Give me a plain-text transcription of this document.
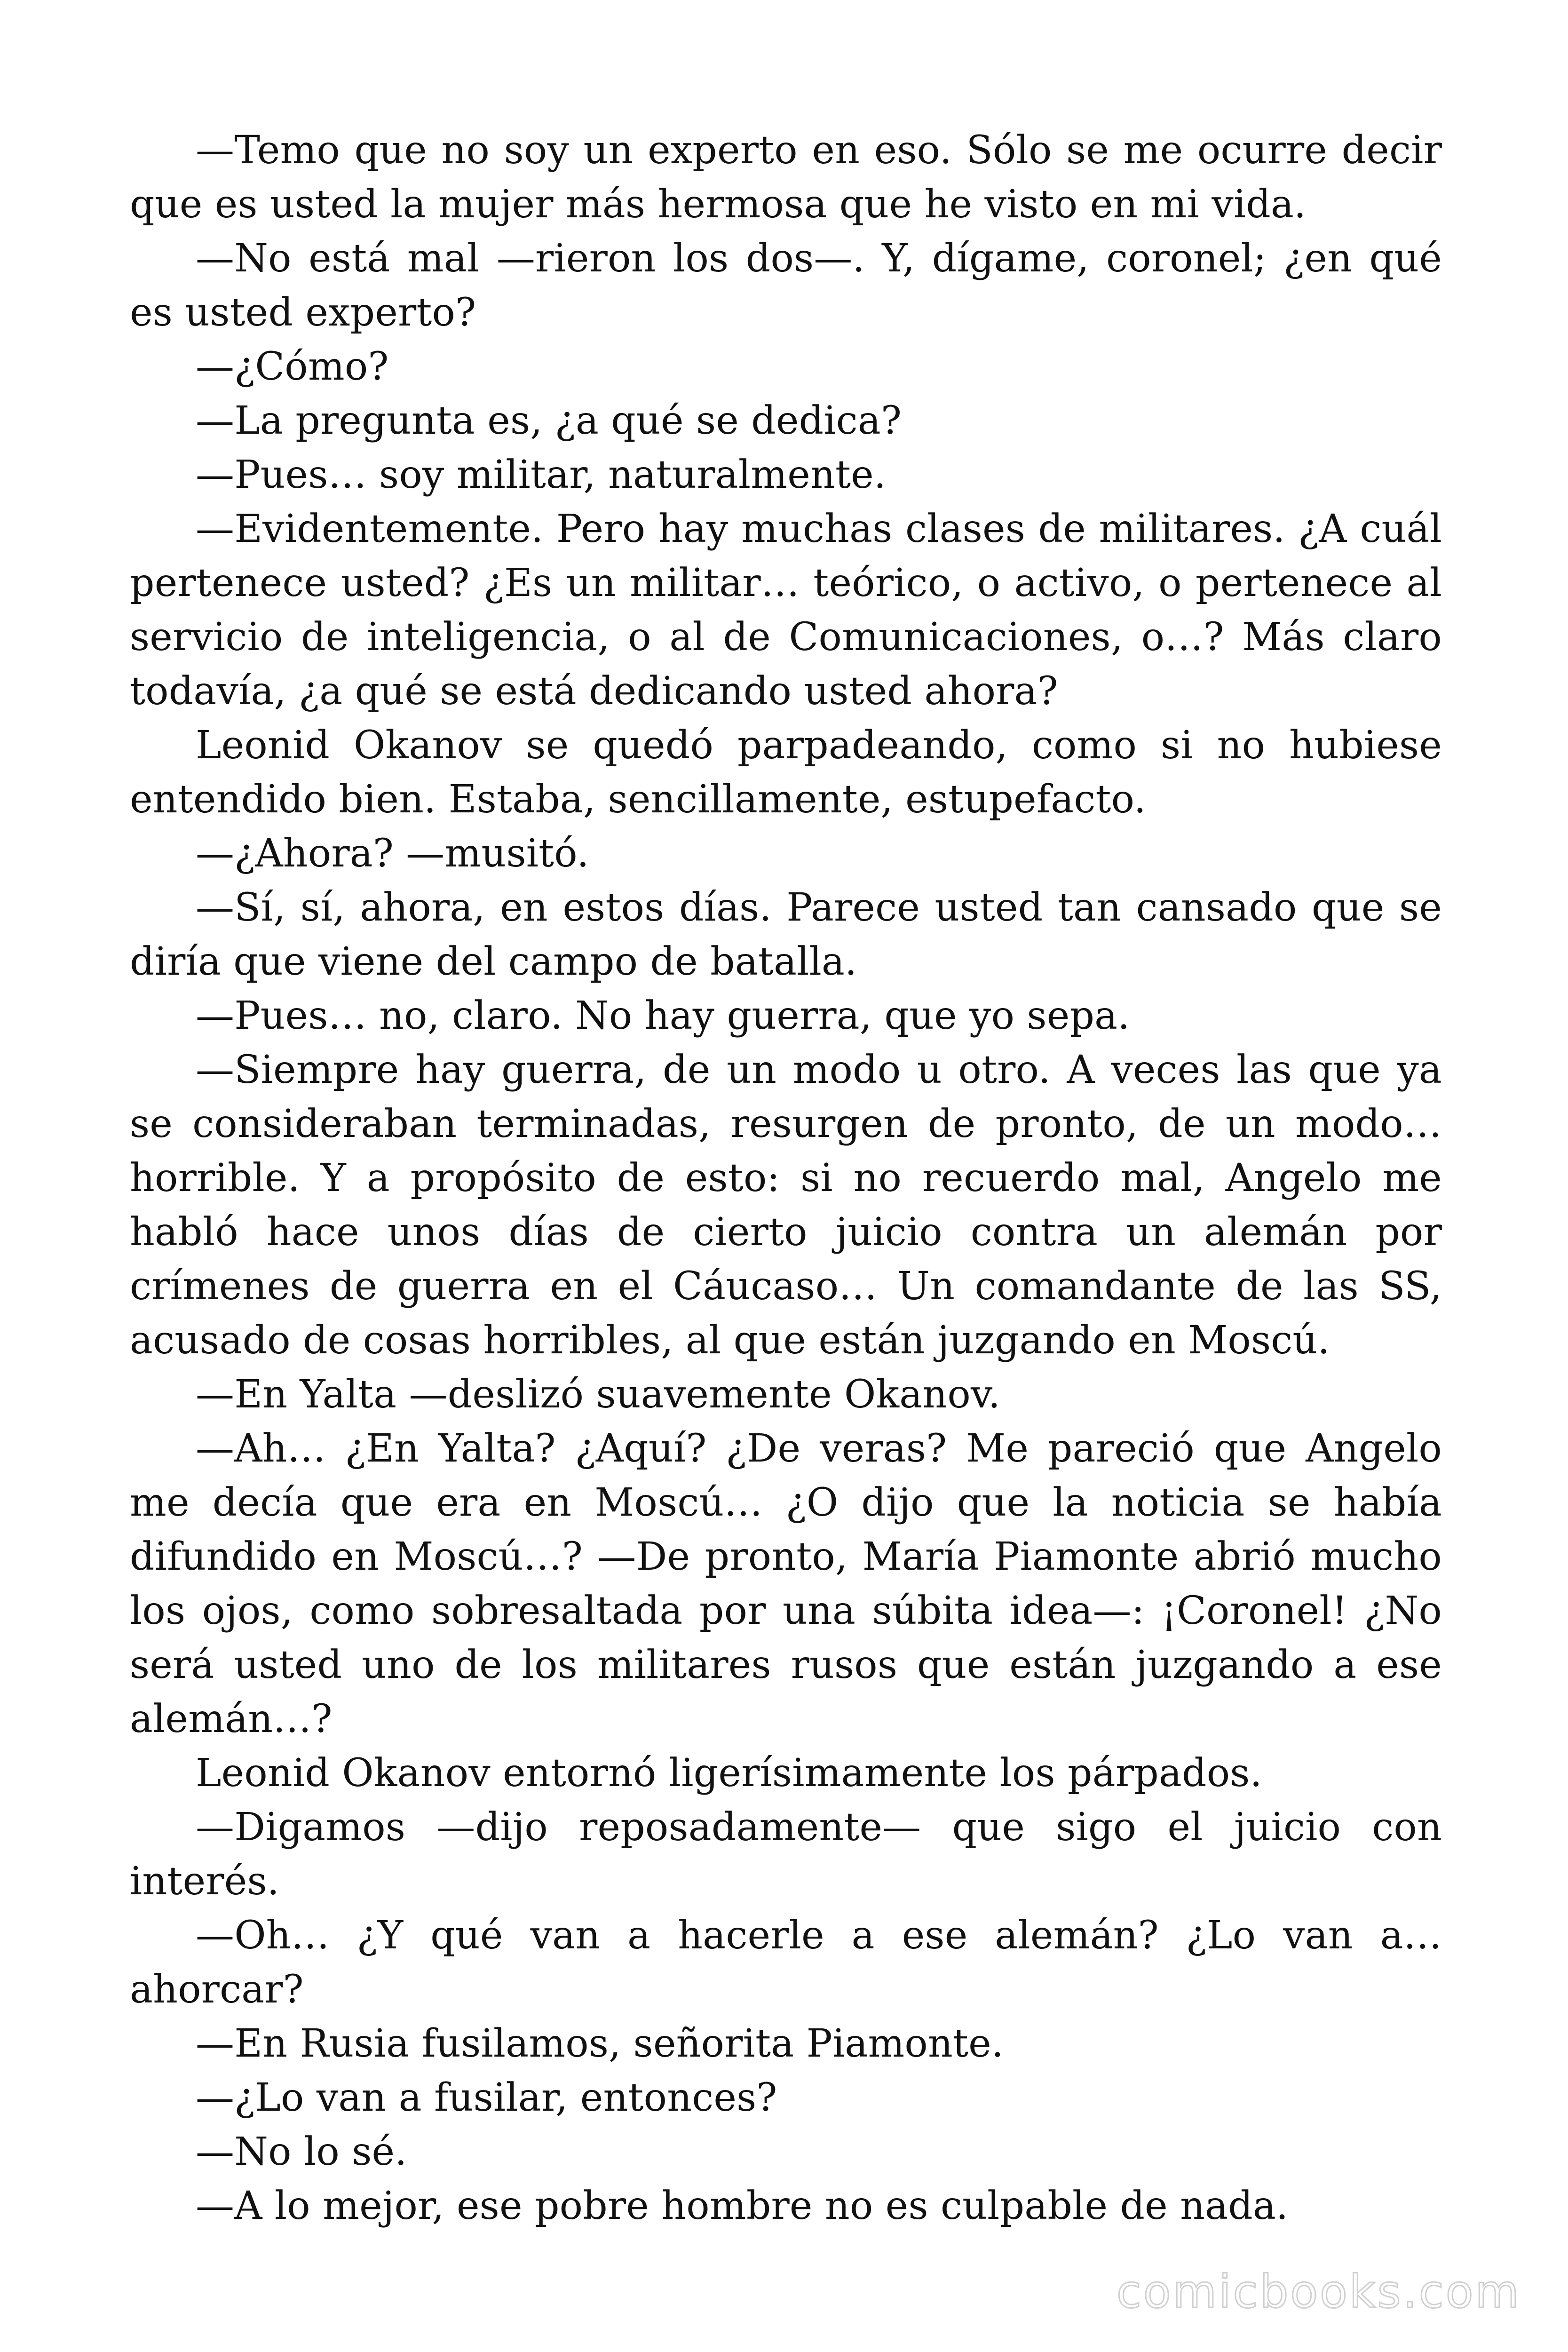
—Temo que no soy un experto en eso. Sólo se me ocurre decir que es usted la mujer más hermosa que he visto en mi vida.

—No está mal —rieron los dos—. Y, dígame, coronel; ¿en qué es usted experto?

—¿Cómo?

—La pregunta es, ¿a qué se dedica?

—Pues… soy militar, naturalmente.

—Evidentemente. Pero hay muchas clases de militares. ¿A cuál pertenece usted? ¿Es un militar… teórico, o activo, o pertenece al servicio de inteligencia, o al de Comunicaciones, o…? Más claro todavía, ¿a qué se está dedicando usted ahora?

Leonid Okanov se quedó parpadeando, como si no hubiese entendido bien. Estaba, sencillamente, estupefacto.

—¿Ahora? —musitó.

—Sí, sí, ahora, en estos días. Parece usted tan cansado que se diría que viene del campo de batalla.

—Pues… no, claro. No hay guerra, que yo sepa.

—Siempre hay guerra, de un modo u otro. A veces las que ya se consideraban terminadas, resurgen de pronto, de un modo… horrible. Y a propósito de esto: si no recuerdo mal, Angelo me habló hace unos días de cierto juicio contra un alemán por crímenes de guerra en el Cáucaso… Un comandante de las SS, acusado de cosas horribles, al que están juzgando en Moscú.

—En Yalta —deslizó suavemente Okanov.

—Ah… ¿En Yalta? ¿Aquí? ¿De veras? Me pareció que Angelo me decía que era en Moscú… ¿O dijo que la noticia se había difundido en Moscú…? —De pronto, María Piamonte abrió mucho los ojos, como sobresaltada por una súbita idea—: ¡Coronel! ¿No será usted uno de los militares rusos que están juzgando a ese alemán…?

Leonid Okanov entornó ligerísimamente los párpados.

—Digamos —dijo reposadamente— que sigo el juicio con interés.

—Oh… ¿Y qué van a hacerle a ese alemán? ¿Lo van a… ahorcar?

—En Rusia fusilamos, señorita Piamonte.

—¿Lo van a fusilar, entonces?

—No lo sé.

—A lo mejor, ese pobre hombre no es culpable de nada.

comicbooks.com
